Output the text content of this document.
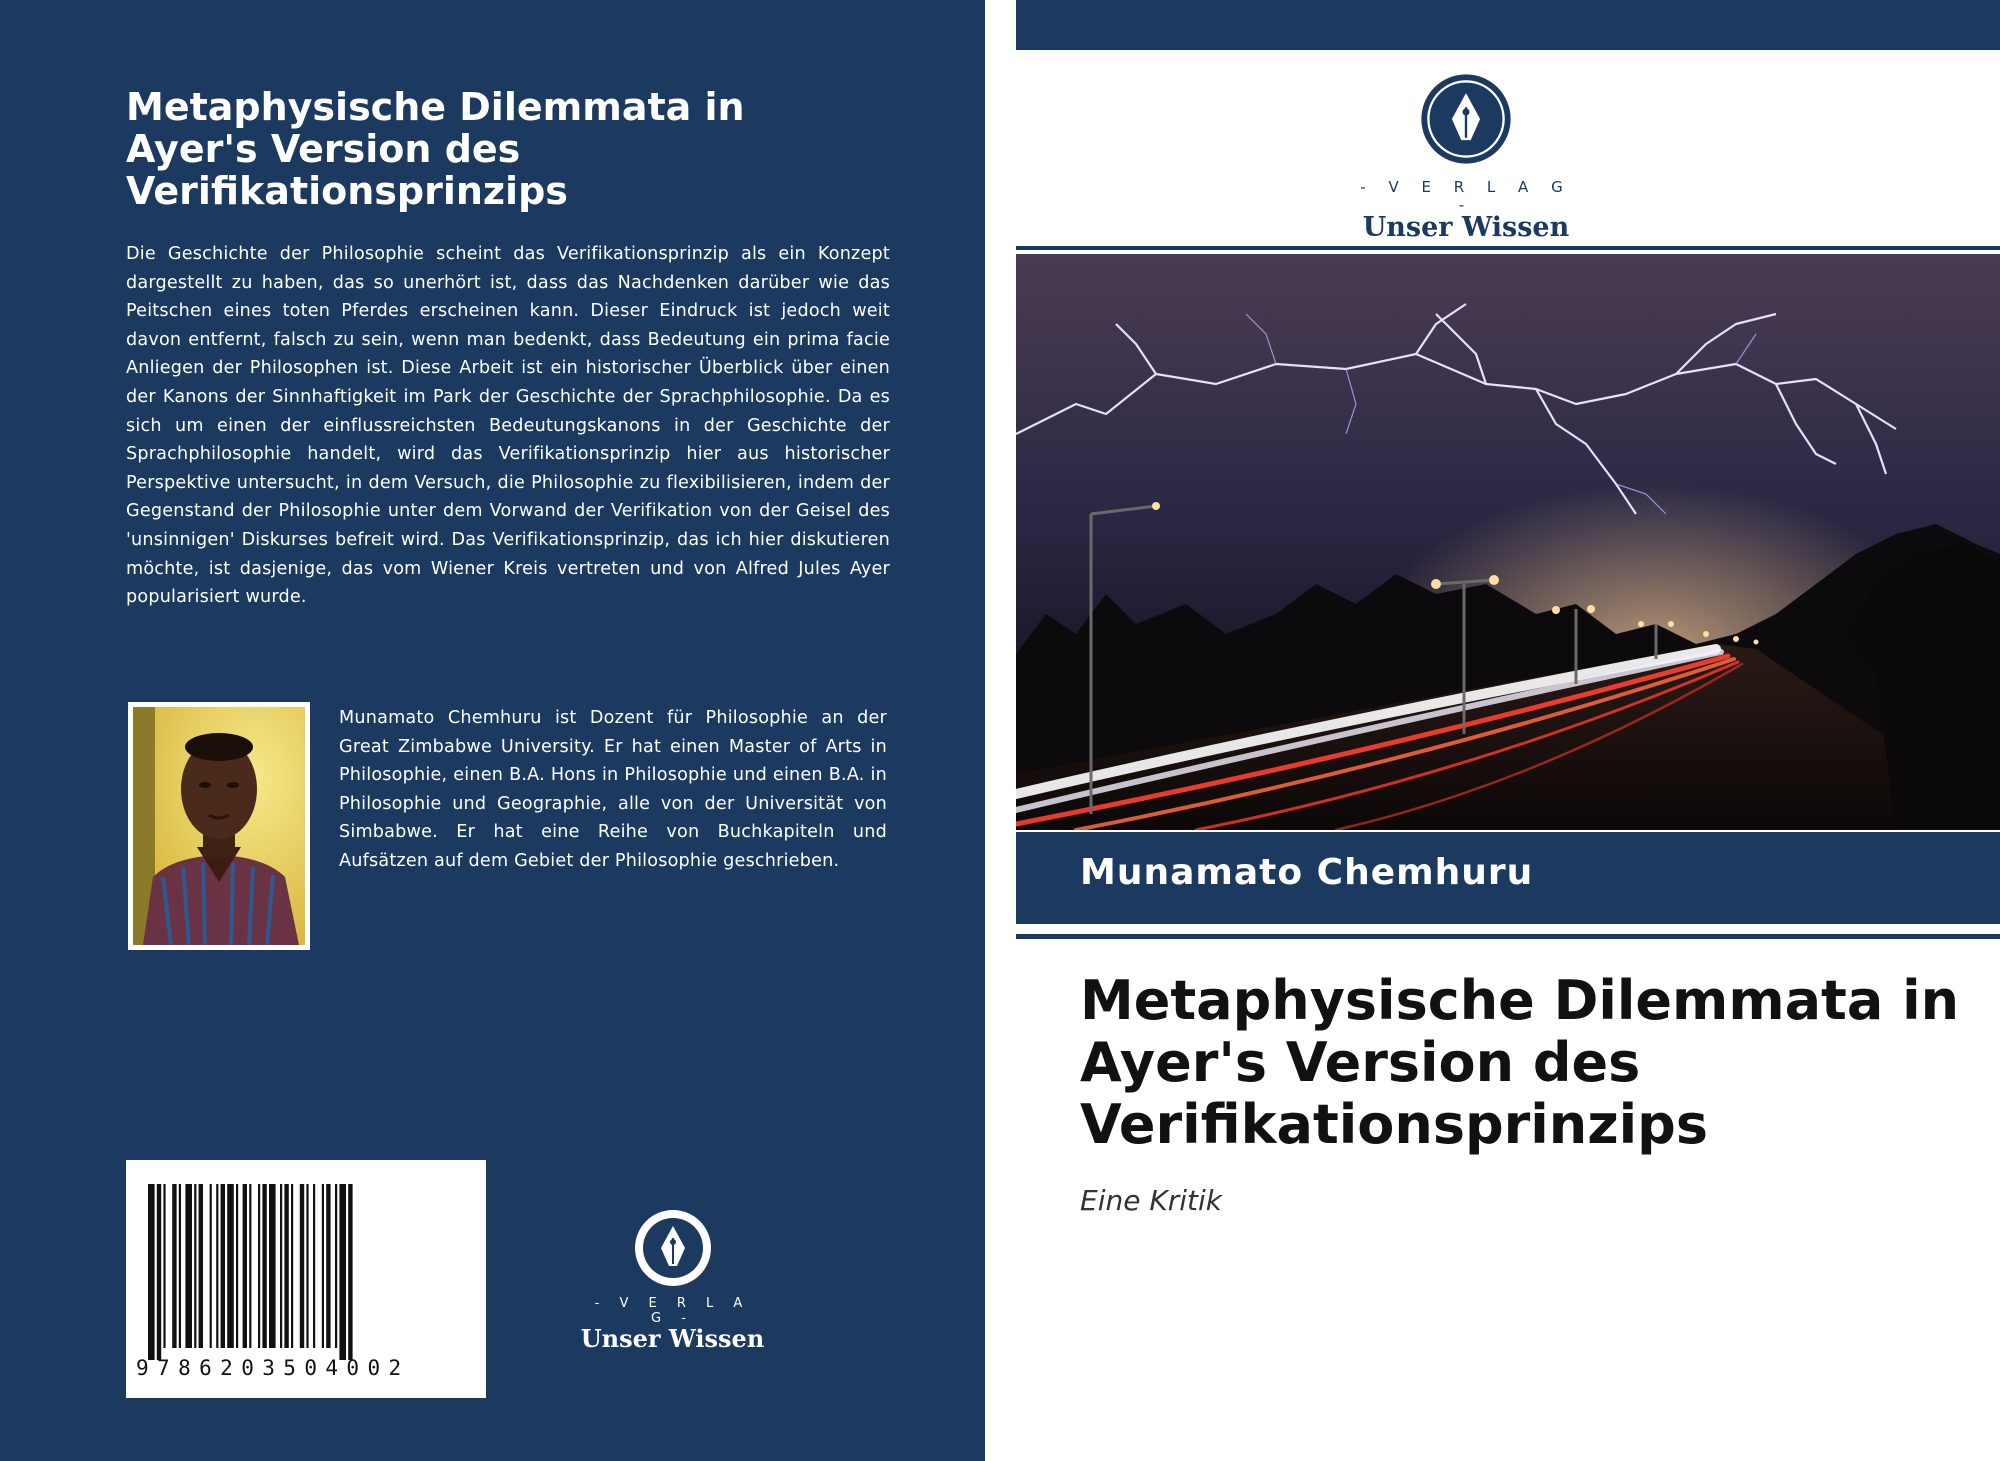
Metaphysische Dilemmata in Ayer's Version des Verifikationsprinzips

Die Geschichte der Philosophie scheint das Verifikationsprinzip als ein Konzept dargestellt zu haben, das so unerhört ist, dass das Nachdenken darüber wie das Peitschen eines toten Pferdes erscheinen kann. Dieser Eindruck ist jedoch weit davon entfernt, falsch zu sein, wenn man bedenkt, dass Bedeutung ein prima facie Anliegen der Philosophen ist. Diese Arbeit ist ein historischer Überblick über einen der Kanons der Sinnhaftigkeit im Park der Geschichte der Sprachphilosophie. Da es sich um einen der einflussreichsten Bedeutungskanons in der Geschichte der Sprachphilosophie handelt, wird das Verifikationsprinzip hier aus historischer Perspektive untersucht, in dem Versuch, die Philosophie zu flexibilisieren, indem der Gegenstand der Philosophie unter dem Vorwand der Verifikation von der Geisel des 'unsinnigen' Diskurses befreit wird. Das Verifikationsprinzip, das ich hier diskutieren möchte, ist dasjenige, das vom Wiener Kreis vertreten und von Alfred Jules Ayer popularisiert wurde.

Munamato Chemhuru ist Dozent für Philosophie an der Great Zimbabwe University. Er hat einen Master of Arts in Philosophie, einen B.A. Hons in Philosophie und einen B.A. in Philosophie und Geographie, alle von der Universität von Simbabwe. Er hat eine Reihe von Buchkapiteln und Aufsätzen auf dem Gebiet der Philosophie geschrieben.

9786203504002
- V E R L A G -
Unser Wissen
- V E R L A G -
Unser Wissen
Munamato Chemhuru
Metaphysische Dilemmata in Ayer's Version des Verifikationsprinzips
Eine Kritik
